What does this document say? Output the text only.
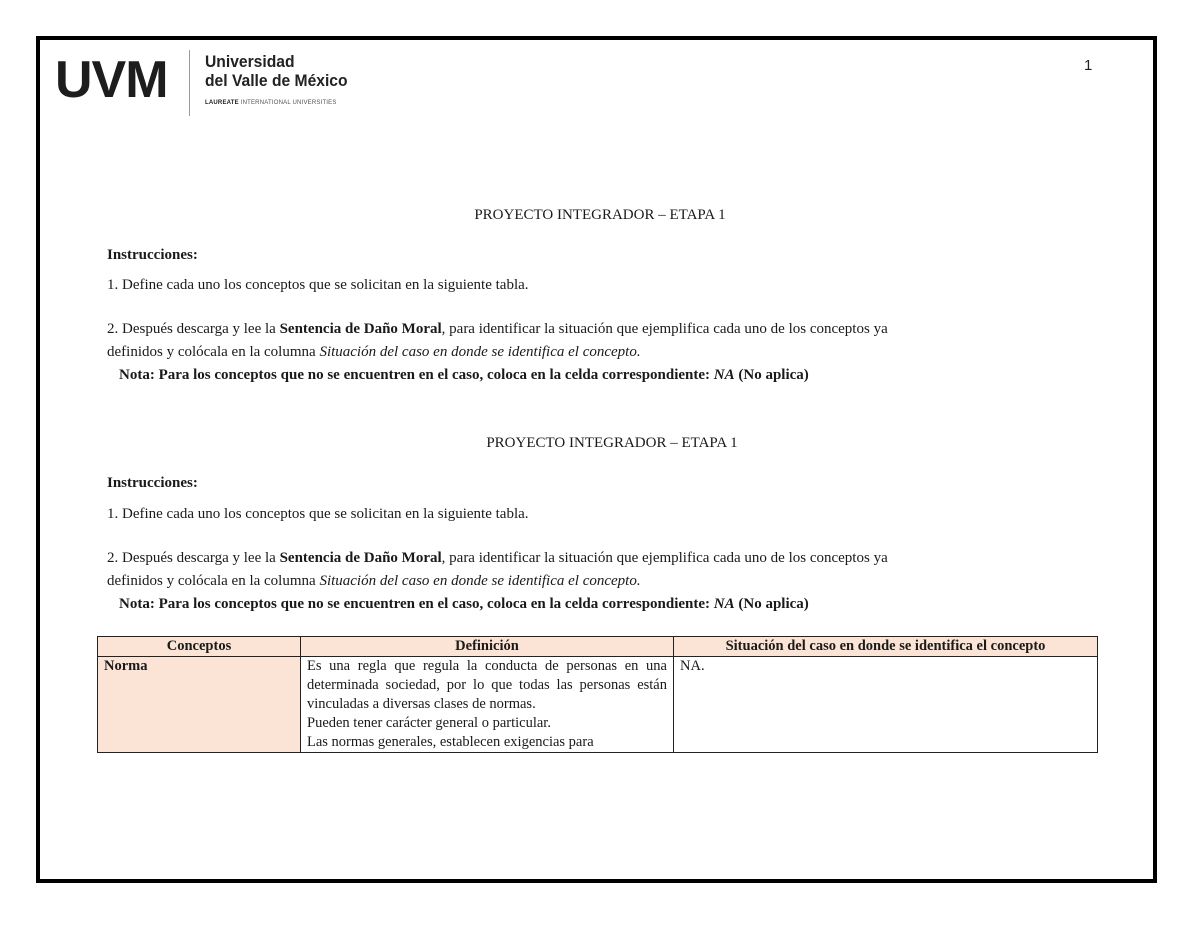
UVM Universidad
del Valle de México
LAUREATE INTERNATIONAL UNIVERSITIES
1
PROYECTO INTEGRADOR – ETAPA 1
Instrucciones:
1. Define cada uno los conceptos que se solicitan en la siguiente tabla.
2. Después descarga y lee la Sentencia de Daño Moral, para identificar la situación que ejemplifica cada uno de los conceptos ya
definidos y colócala en la columna Situación del caso en donde se identifica el concepto.
Nota: Para los conceptos que no se encuentren en el caso, coloca en la celda correspondiente: NA (No aplica)
PROYECTO INTEGRADOR – ETAPA 1
Instrucciones:
1. Define cada uno los conceptos que se solicitan en la siguiente tabla.
2. Después descarga y lee la Sentencia de Daño Moral, para identificar la situación que ejemplifica cada uno de los conceptos ya
definidos y colócala en la columna Situación del caso en donde se identifica el concepto.
Nota: Para los conceptos que no se encuentren en el caso, coloca en la celda correspondiente: NA (No aplica)
Conceptos	Definición	Situación del caso en donde se identifica el concepto
Norma	Es una regla que regula la conducta de personas en una determinada sociedad, por lo que todas las personas están vinculadas a diversas clases de normas.
Pueden tener carácter general o particular.
Las normas generales, establecen exigencias para	NA.
